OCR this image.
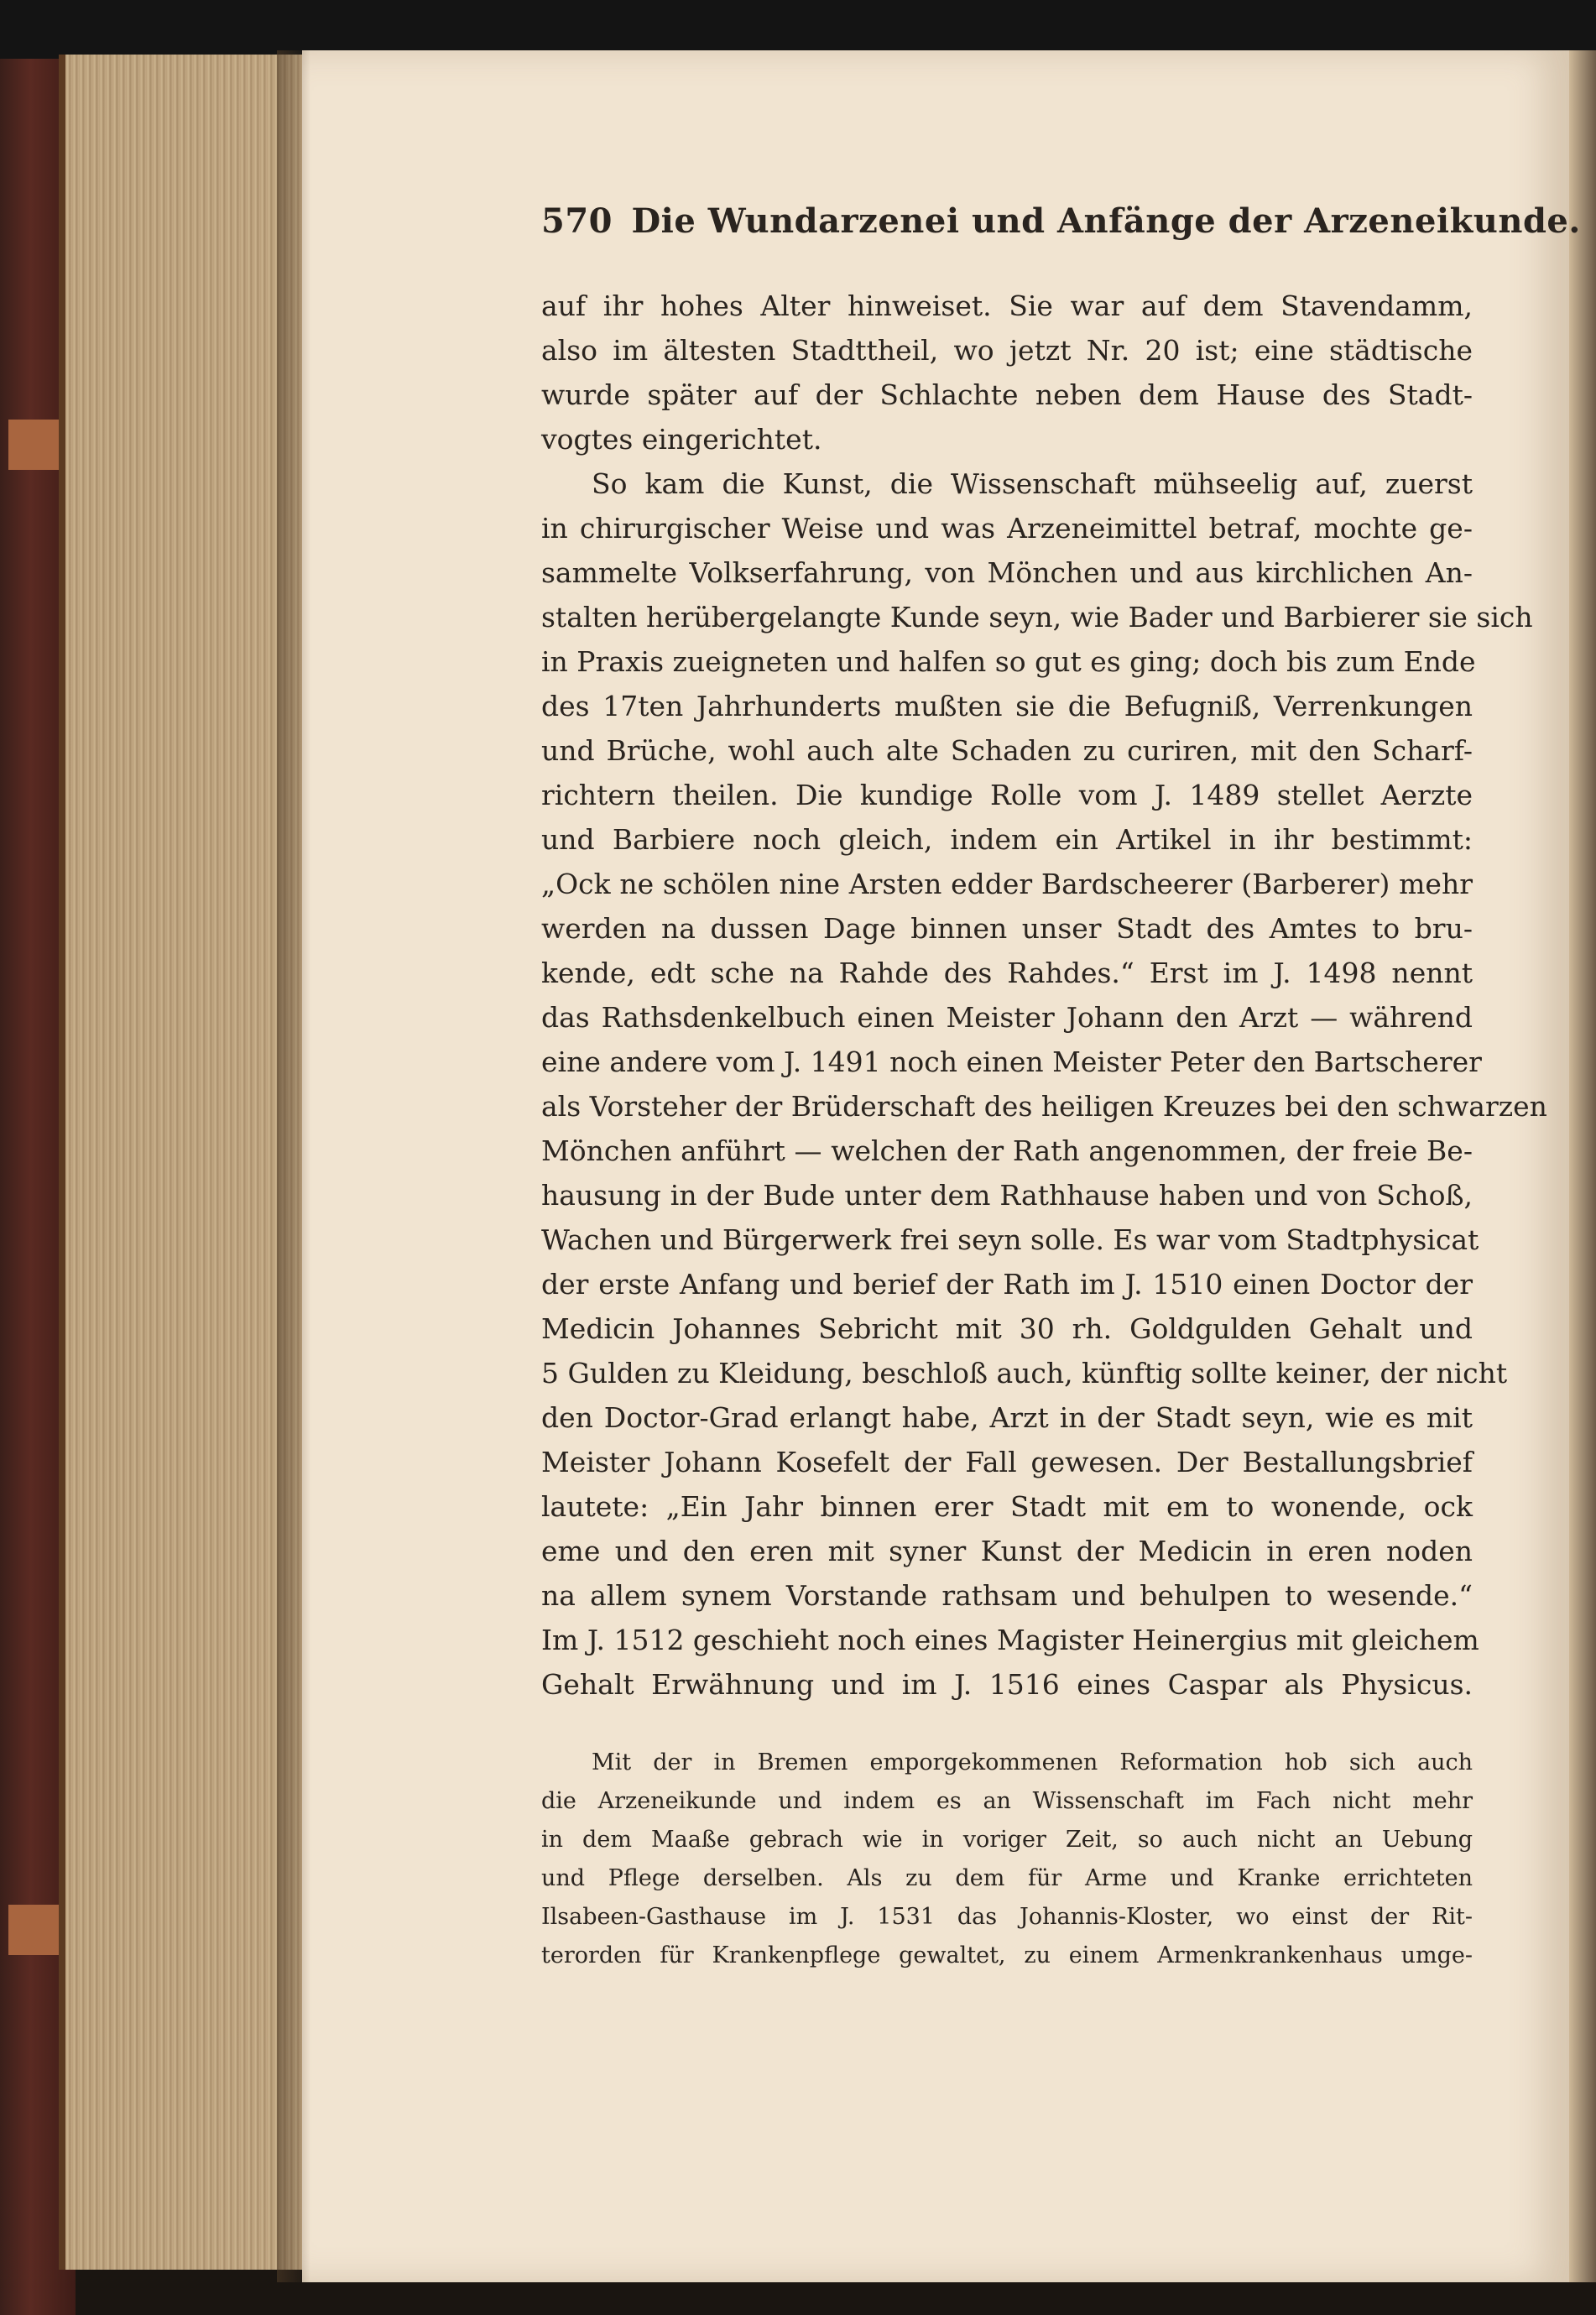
570 Die Wundarzenei und Anfänge der Arzeneikunde.
auf ihr hohes Alter hinweiset. Sie war auf dem Stavendamm,
also im ältesten Stadttheil, wo jetzt Nr. 20 ist; eine städtische
wurde später auf der Schlachte neben dem Hause des Stadt-
vogtes eingerichtet.
So kam die Kunst, die Wissenschaft mühseelig auf, zuerst
in chirurgischer Weise und was Arzeneimittel betraf, mochte ge-
sammelte Volkserfahrung, von Mönchen und aus kirchlichen An-
stalten herübergelangte Kunde seyn, wie Bader und Barbierer sie sich
in Praxis zueigneten und halfen so gut es ging; doch bis zum Ende
des 17ten Jahrhunderts mußten sie die Befugniß, Verrenkungen
und Brüche, wohl auch alte Schaden zu curiren, mit den Scharf-
richtern theilen. Die kundige Rolle vom J. 1489 stellet Aerzte
und Barbiere noch gleich, indem ein Artikel in ihr bestimmt:
„Ock ne schölen nine Arsten edder Bardscheerer (Barberer) mehr
werden na dussen Dage binnen unser Stadt des Amtes to bru-
kende, edt sche na Rahde des Rahdes.“ Erst im J. 1498 nennt
das Rathsdenkelbuch einen Meister Johann den Arzt — während
eine andere vom J. 1491 noch einen Meister Peter den Bartscherer
als Vorsteher der Brüderschaft des heiligen Kreuzes bei den schwarzen
Mönchen anführt — welchen der Rath angenommen, der freie Be-
hausung in der Bude unter dem Rathhause haben und von Schoß,
Wachen und Bürgerwerk frei seyn solle. Es war vom Stadtphysicat
der erste Anfang und berief der Rath im J. 1510 einen Doctor der
Medicin Johannes Sebricht mit 30 rh. Goldgulden Gehalt und
5 Gulden zu Kleidung, beschloß auch, künftig sollte keiner, der nicht
den Doctor-Grad erlangt habe, Arzt in der Stadt seyn, wie es mit
Meister Johann Kosefelt der Fall gewesen. Der Bestallungsbrief
lautete: „Ein Jahr binnen erer Stadt mit em to wonende, ock
eme und den eren mit syner Kunst der Medicin in eren noden
na allem synem Vorstande rathsam und behulpen to wesende.“
Im J. 1512 geschieht noch eines Magister Heinergius mit gleichem
Gehalt Erwähnung und im J. 1516 eines Caspar als Physicus.
Mit der in Bremen emporgekommenen Reformation hob sich auch
die Arzeneikunde und indem es an Wissenschaft im Fach nicht mehr
in dem Maaße gebrach wie in voriger Zeit, so auch nicht an Uebung
und Pflege derselben. Als zu dem für Arme und Kranke errichteten
Ilsabeen-Gasthause im J. 1531 das Johannis-Kloster, wo einst der Rit-
terorden für Krankenpflege gewaltet, zu einem Armenkrankenhaus umge-
